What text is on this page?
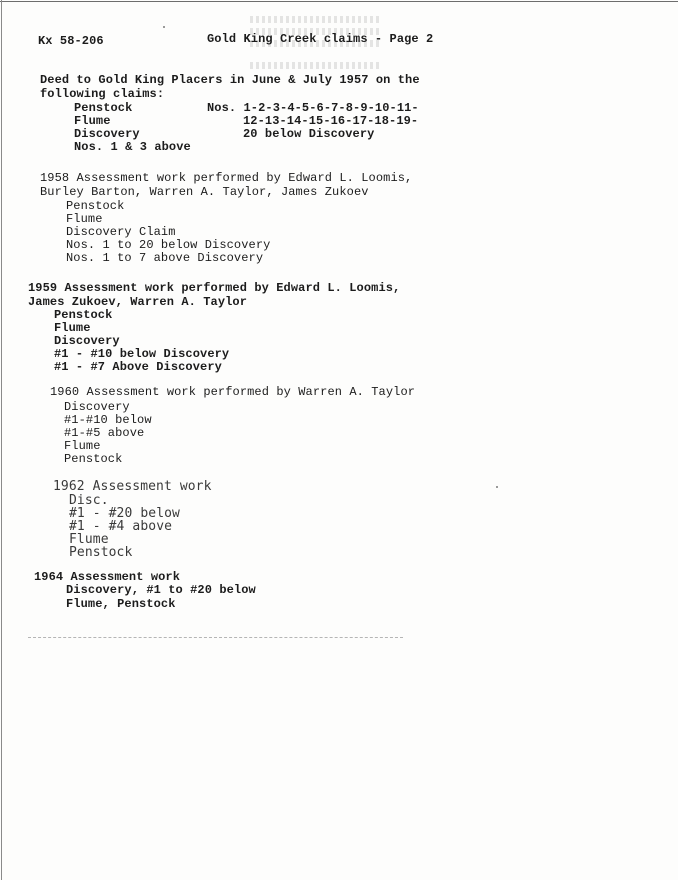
Kx 58-206	Gold King Creek claims - Page 2
Deed to Gold King Placers in June & July 1957 on the
following claims:
Penstock
Flume
Discovery
Nos. 1 & 3 above
Nos. 1-2-3-4-5-6-7-8-9-10-11-
12-13-14-15-16-17-18-19-
20 below Discovery
1958 Assessment work performed by Edward L. Loomis,
Burley Barton, Warren A. Taylor, James Zukoev
Penstock
Flume
Discovery Claim
Nos. 1 to 20 below Discovery
Nos. 1 to 7 above Discovery
1959 Assessment work performed by Edward L. Loomis,
James Zukoev, Warren A. Taylor
Penstock
Flume
Discovery
#1 - #10 below Discovery
#1 - #7 Above Discovery
1960 Assessment work performed by Warren A. Taylor
Discovery
#1-#10 below
#1-#5 above
Flume
Penstock
1962 Assessment work
Disc.
#1 - #20 below
#1 - #4 above
Flume
Penstock
1964 Assessment work
Discovery, #1 to #20 below
Flume, Penstock
